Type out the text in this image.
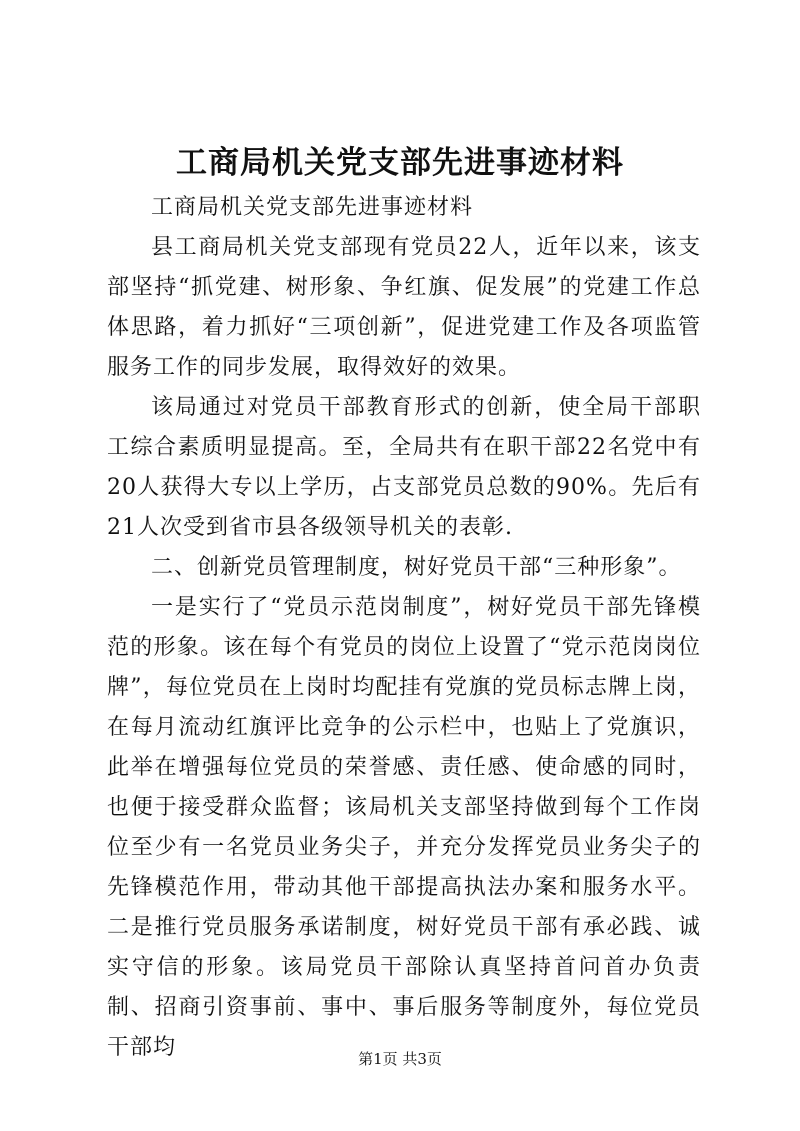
工商局机关党支部先进事迹材料

工商局机关党支部先进事迹材料

县工商局机关党支部现有党员22人，近年以来，该支部坚持“抓党建、树形象、争红旗、促发展”的党建工作总体思路，着力抓好“三项创新”，促进党建工作及各项监管服务工作的同步发展，取得效好的效果。

该局通过对党员干部教育形式的创新，使全局干部职工综合素质明显提高。至，全局共有在职干部22名党中有20人获得大专以上学历，占支部党员总数的90%。先后有21人次受到省市县各级领导机关的表彰.

二、创新党员管理制度，树好党员干部“三种形象”。

一是实行了“党员示范岗制度”，树好党员干部先锋模范的形象。该在每个有党员的岗位上设置了“党示范岗岗位牌”，每位党员在上岗时均配挂有党旗的党员标志牌上岗，在每月流动红旗评比竞争的公示栏中，也贴上了党旗识，此举在增强每位党员的荣誉感、责任感、使命感的同时，也便于接受群众监督；该局机关支部坚持做到每个工作岗位至少有一名党员业务尖子，并充分发挥党员业务尖子的先锋模范作用，带动其他干部提高执法办案和服务水平。二是推行党员服务承诺制度，树好党员干部有承必践、诚实守信的形象。该局党员干部除认真坚持首问首办负责制、招商引资事前、事中、事后服务等制度外，每位党员干部均	第1页 共3页
